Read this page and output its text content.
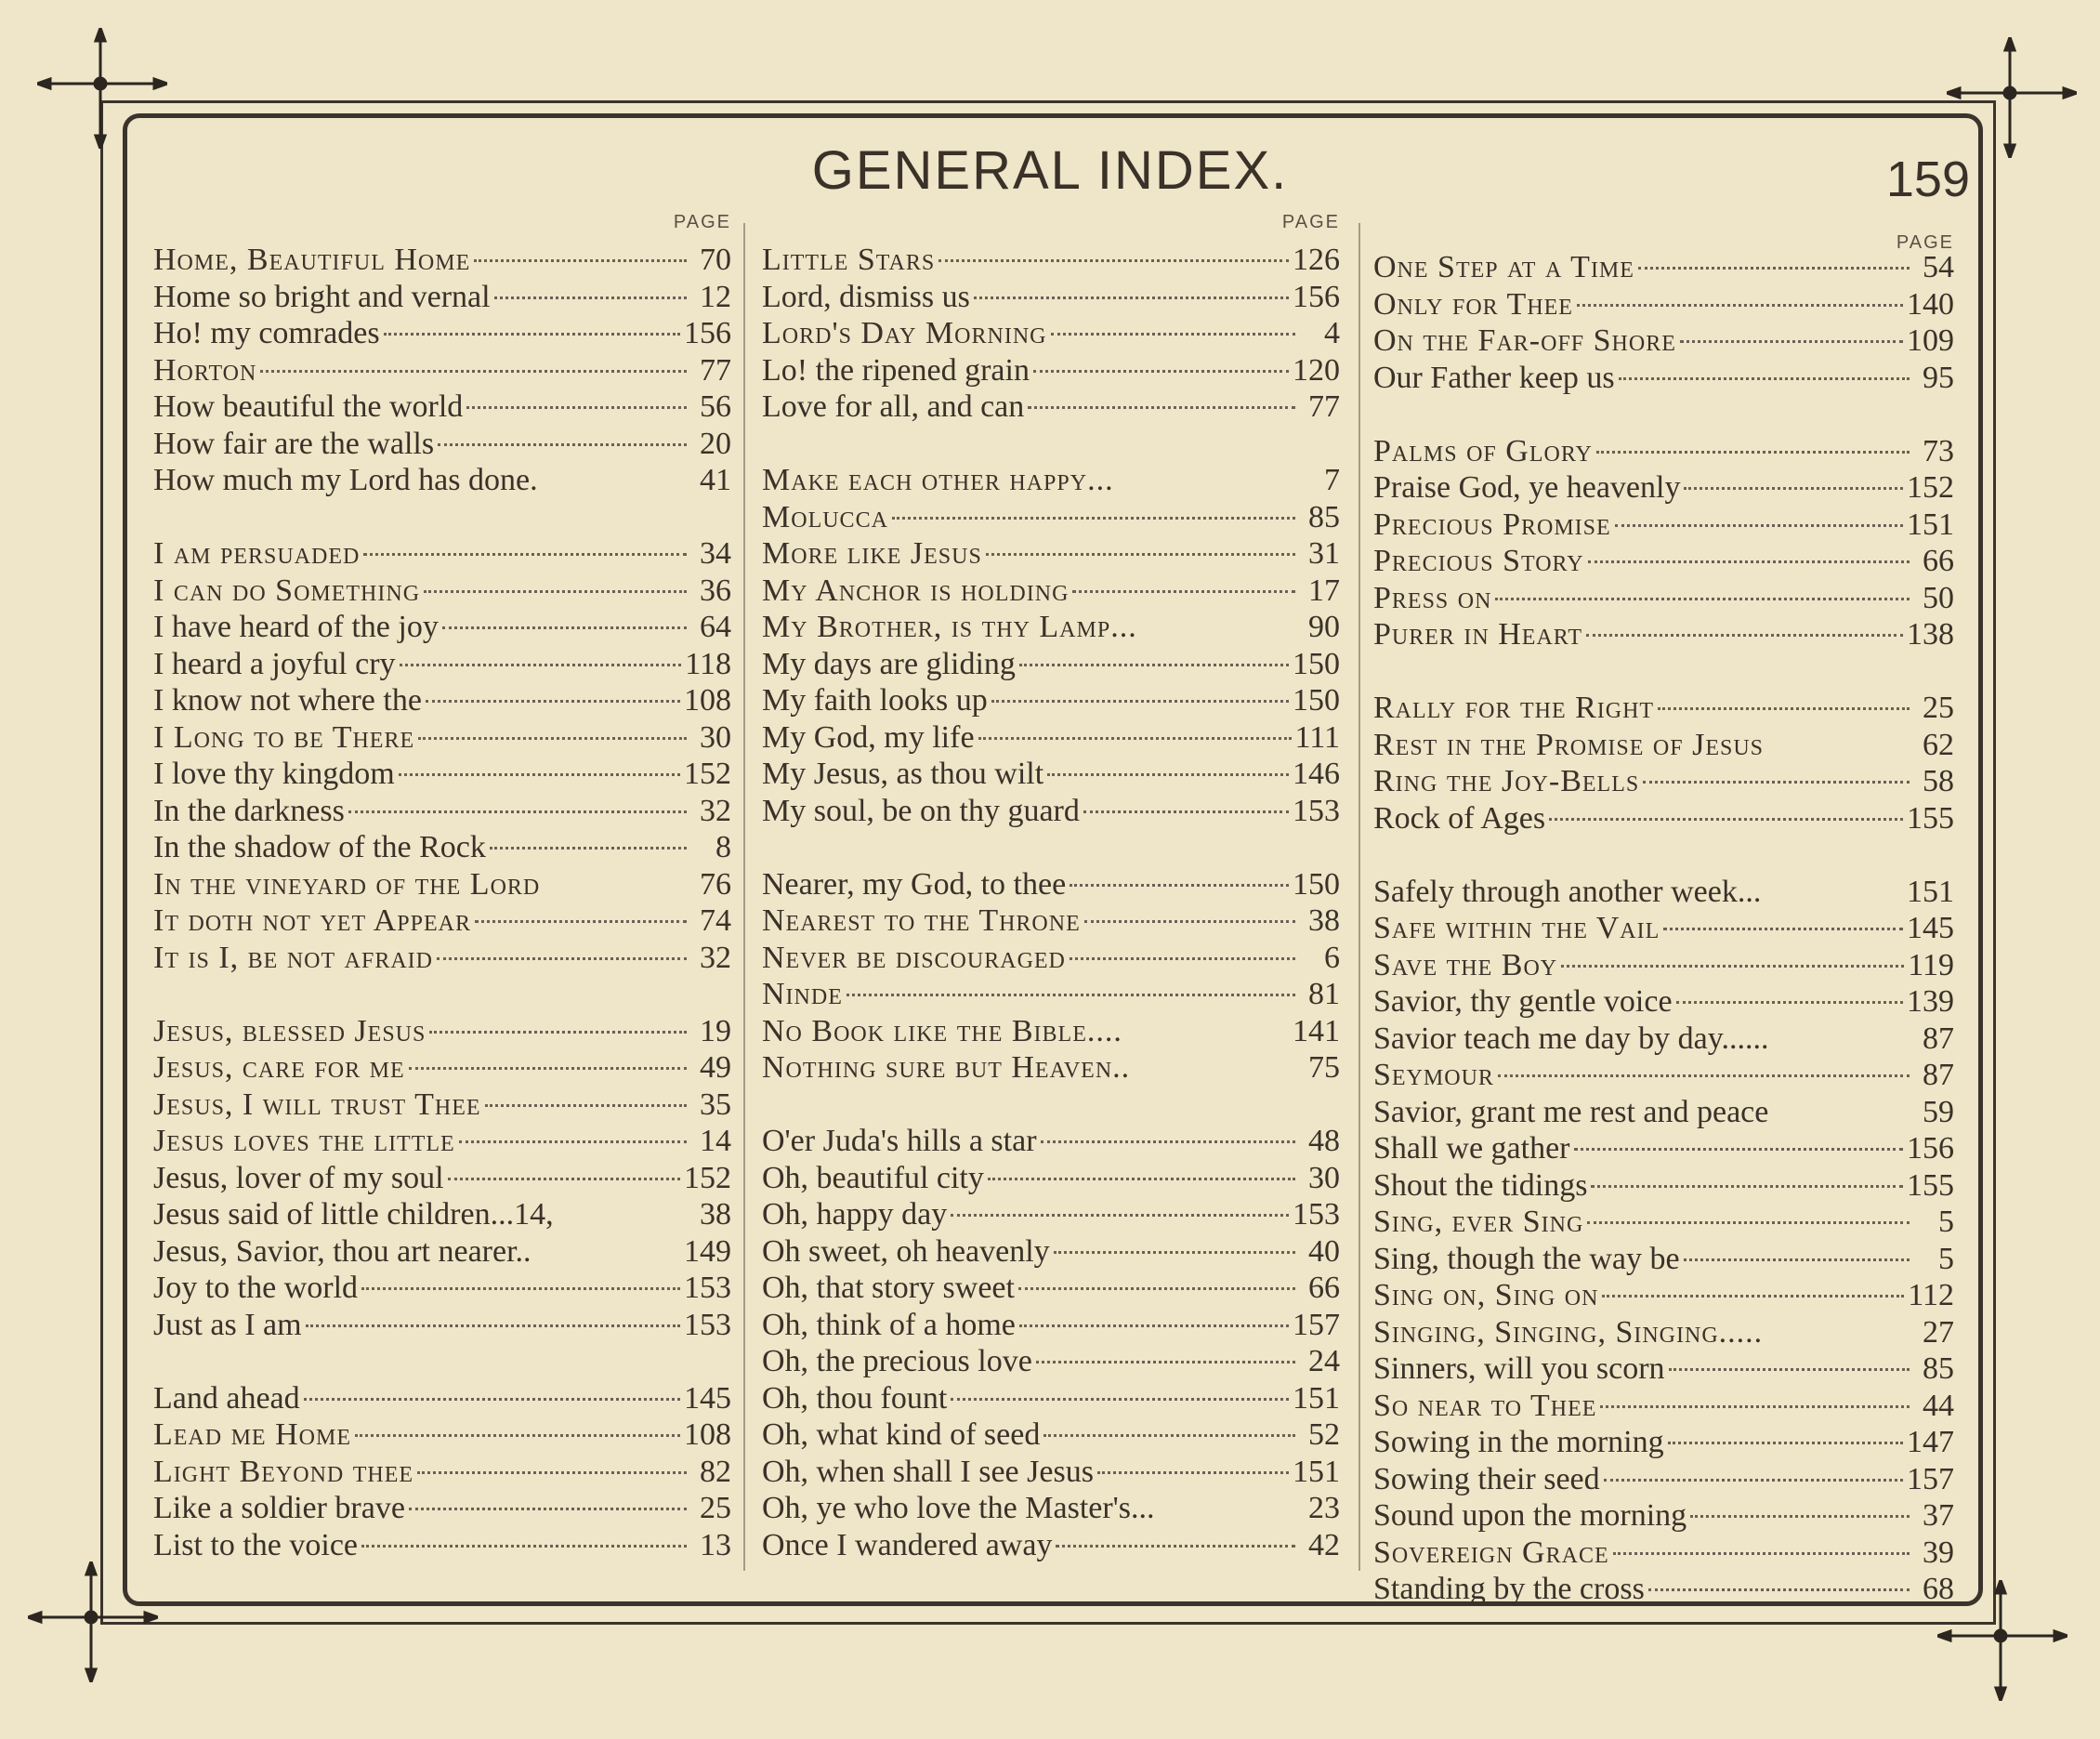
GENERAL INDEX.	159
PAGE
Home, Beautiful Home	70
Home so bright and vernal	12
Ho! my comrades	156
Horton	77
How beautiful the world	56
How fair are the walls	20
How much my Lord has done.	41
I am persuaded	34
I can do Something	36
I have heard of the joy	64
I heard a joyful cry	118
I know not where the	108
I Long to be There	30
I love thy kingdom	152
In the darkness	32
In the shadow of the Rock	8
In the vineyard of the Lord	76
It doth not yet Appear	74
It is I, be not afraid	32
Jesus, blessed Jesus	19
Jesus, care for me	49
Jesus, I will trust Thee	35
Jesus loves the little	14
Jesus, lover of my soul	152
Jesus said of little children...14,	38
Jesus, Savior, thou art nearer..	149
Joy to the world	153
Just as I am	153
Land ahead	145
Lead me Home	108
Light Beyond thee	82
Like a soldier brave	25
List to the voice	13
PAGE
Little Stars	126
Lord, dismiss us	156
Lord's Day Morning	4
Lo! the ripened grain	120
Love for all, and can	77
Make each other happy...	7
Molucca	85
More like Jesus	31
My Anchor is holding	17
My Brother, is thy Lamp...	90
My days are gliding	150
My faith looks up	150
My God, my life	111
My Jesus, as thou wilt	146
My soul, be on thy guard	153
Nearer, my God, to thee	150
Nearest to the Throne	38
Never be discouraged	6
Ninde	81
No Book like the Bible....	141
Nothing sure but Heaven..	75
O'er Juda's hills a star	48
Oh, beautiful city	30
Oh, happy day	153
Oh sweet, oh heavenly	40
Oh, that story sweet	66
Oh, think of a home	157
Oh, the precious love	24
Oh, thou fount	151
Oh, what kind of seed	52
Oh, when shall I see Jesus	151
Oh, ye who love the Master's...	23
Once I wandered away	42
PAGE
One Step at a Time	54
Only for Thee	140
On the Far-off Shore	109
Our Father keep us	95
Palms of Glory	73
Praise God, ye heavenly	152
Precious Promise	151
Precious Story	66
Press on	50
Purer in Heart	138
Rally for the Right	25
Rest in the Promise of Jesus	62
Ring the Joy-Bells	58
Rock of Ages	155
Safely through another week...	151
Safe within the Vail	145
Save the Boy	119
Savior, thy gentle voice	139
Savior teach me day by day......	87
Seymour	87
Savior, grant me rest and peace	59
Shall we gather	156
Shout the tidings	155
Sing, ever Sing	5
Sing, though the way be	5
Sing on, Sing on	112
Singing, Singing, Singing.....	27
Sinners, will you scorn	85
So near to Thee	44
Sowing in the morning	147
Sowing their seed	157
Sound upon the morning	37
Sovereign Grace	39
Standing by the cross	68
